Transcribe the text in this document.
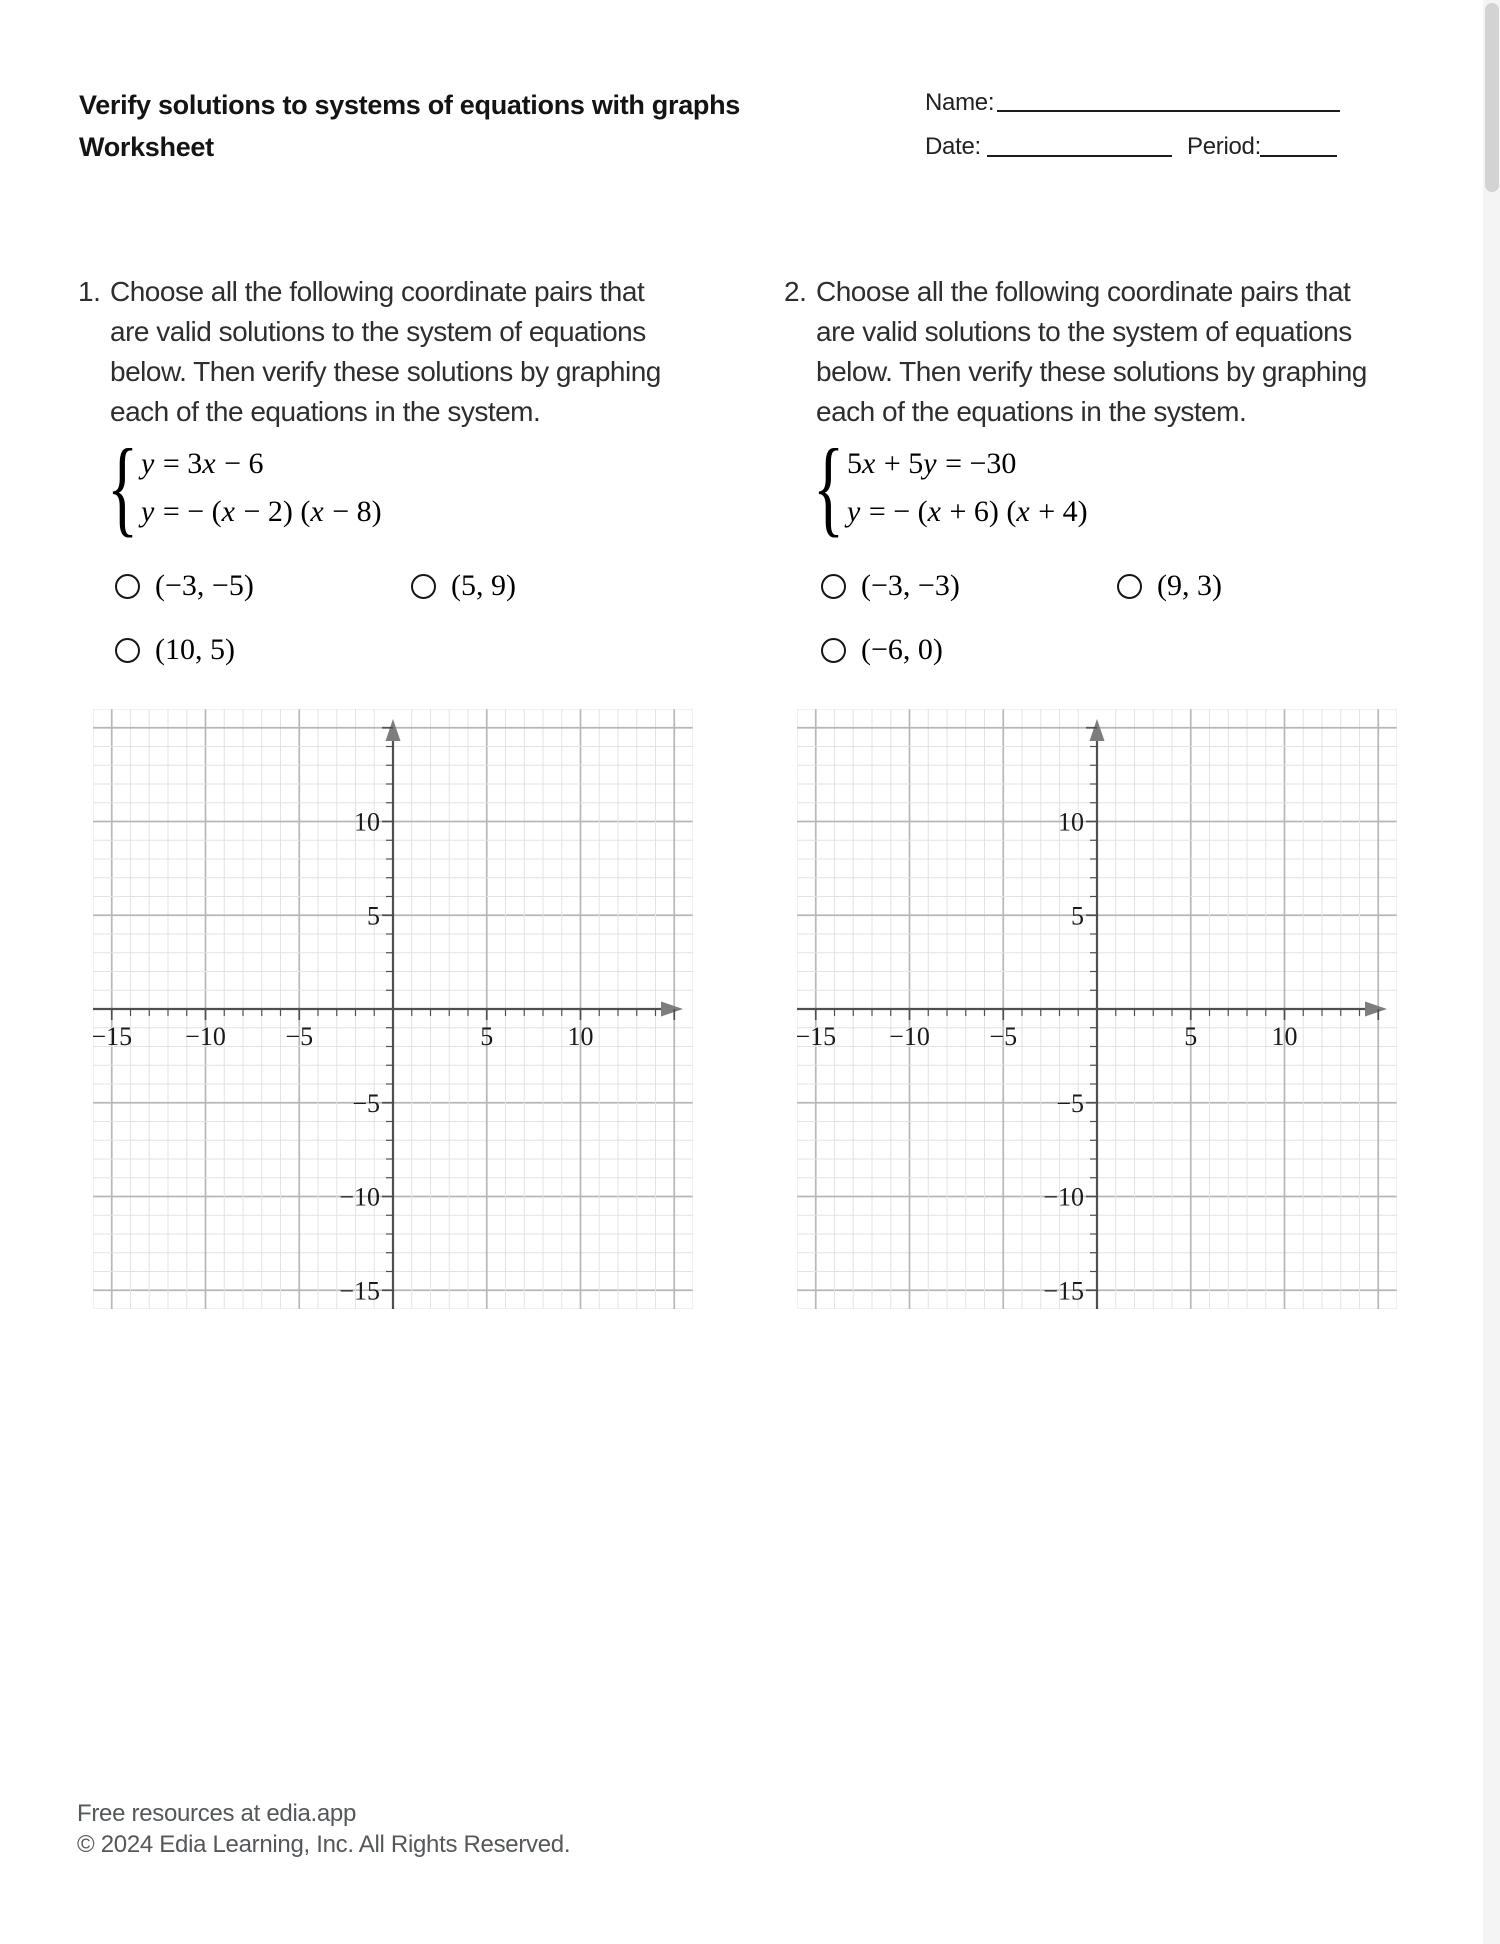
Verify solutions to systems of equations with graphs
Worksheet
Name:
Date:	Period:
1. Choose all the following coordinate pairs that
are valid solutions to the system of equations
below. Then verify these solutions by graphing
each of the equations in the system.
{ y = 3x − 6
y = − (x − 2) (x − 8)
(−3, −5)	(5, 9)
(10, 5)
−15 −10 −5	5	10
10
5
−5
−10
−15
2. Choose all the following coordinate pairs that
are valid solutions to the system of equations
below. Then verify these solutions by graphing
each of the equations in the system.
{ 5x + 5y = −30
y = − (x + 6) (x + 4)
(−3, −3)	(9, 3)
(−6, 0)
−15 −10 −5	5	10
10
5
−5
−10
−15
Free resources at edia.app
© 2024 Edia Learning, Inc. All Rights Reserved.
